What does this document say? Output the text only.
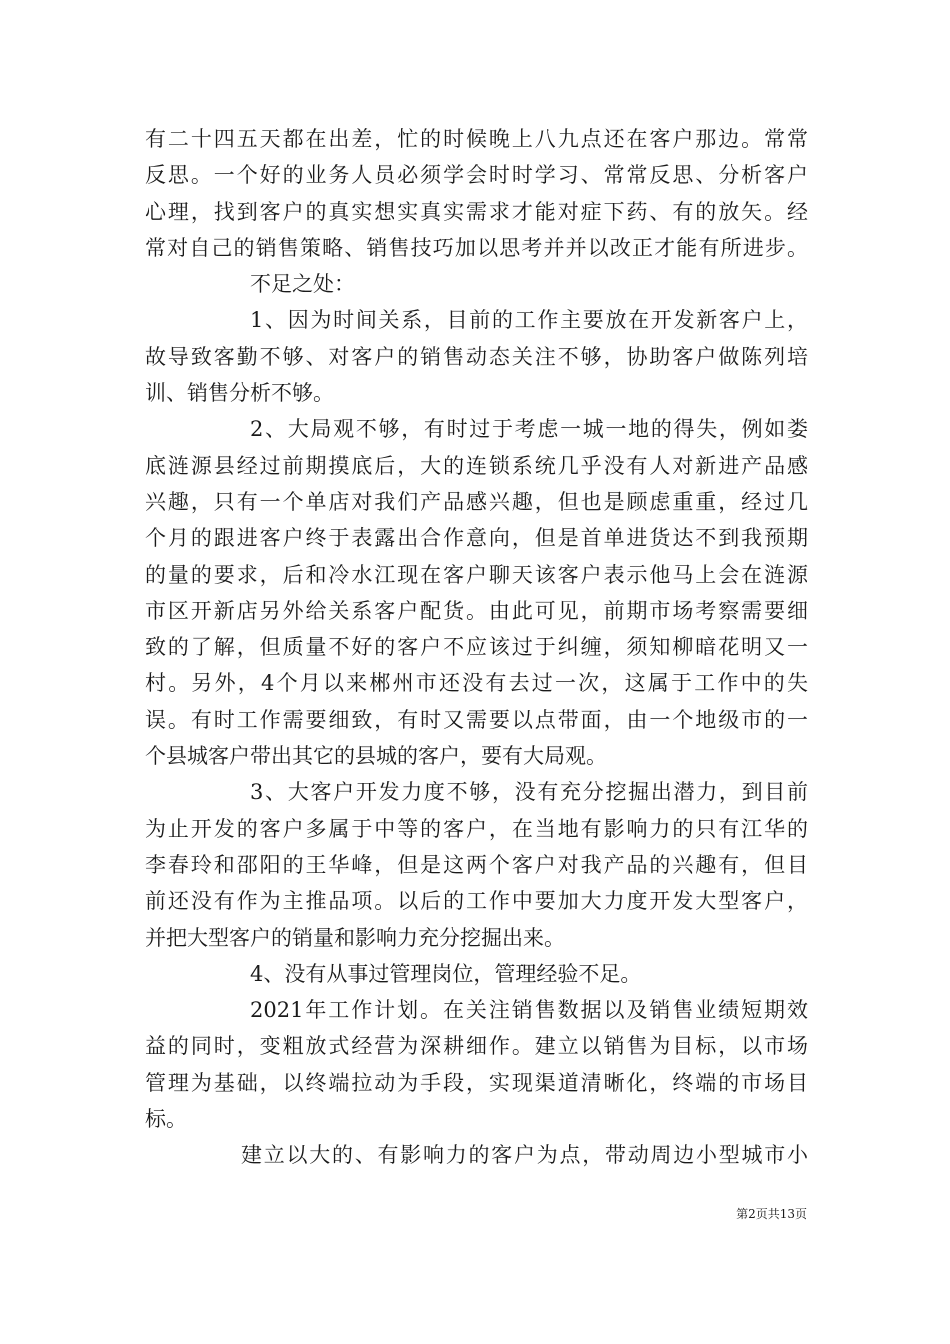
有二十四五天都在出差，忙的时候晚上八九点还在客户那边。常常
反思。一个好的业务人员必须学会时时学习、常常反思、分析客户
心理，找到客户的真实想实真实需求才能对症下药、有的放矢。经
常对自己的销售策略、销售技巧加以思考并并以改正才能有所进步。
不足之处：
1、因为时间关系，目前的工作主要放在开发新客户上，
故导致客勤不够、对客户的销售动态关注不够，协助客户做陈列培
训、销售分析不够。
2、大局观不够，有时过于考虑一城一地的得失，例如娄
底涟源县经过前期摸底后，大的连锁系统几乎没有人对新进产品感
兴趣，只有一个单店对我们产品感兴趣，但也是顾虑重重，经过几
个月的跟进客户终于表露出合作意向，但是首单进货达不到我预期
的量的要求，后和冷水江现在客户聊天该客户表示他马上会在涟源
市区开新店另外给关系客户配货。由此可见，前期市场考察需要细
致的了解，但质量不好的客户不应该过于纠缠，须知柳暗花明又一
村。另外，4个月以来郴州市还没有去过一次，这属于工作中的失
误。有时工作需要细致，有时又需要以点带面，由一个地级市的一
个县城客户带出其它的县城的客户，要有大局观。
3、大客户开发力度不够，没有充分挖掘出潜力，到目前
为止开发的客户多属于中等的客户，在当地有影响力的只有江华的
李春玲和邵阳的王华峰，但是这两个客户对我产品的兴趣有，但目
前还没有作为主推品项。以后的工作中要加大力度开发大型客户，
并把大型客户的销量和影响力充分挖掘出来。
4、没有从事过管理岗位，管理经验不足。
2021年工作计划。在关注销售数据以及销售业绩短期效
益的同时，变粗放式经营为深耕细作。建立以销售为目标，以市场
管理为基础，以终端拉动为手段，实现渠道清晰化，终端的市场目
标。
建立以大的、有影响力的客户为点，带动周边小型城市小
第2页共13页
